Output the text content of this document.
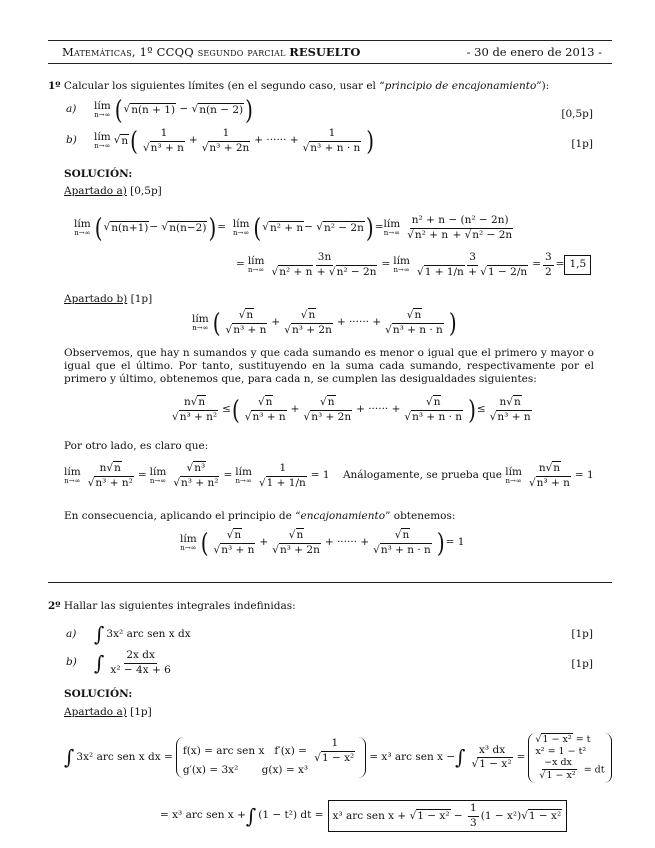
Matemáticas, 1º CCQQ segundo parcial RESUELTO	- 30 de enero de 2013 -
1º
Calcular los siguientes límites (en el segundo caso, usar el “ principio de encajonamiento ”):
a)	lím
n→∞ ( √ n(n + 1) − √ n(n − 2) )	[0,5p]
b)	lím
n→∞ √ n ( $\frac{1}{\text{√n³ + n}} + \frac{1}{\text{√n³ + 2n}}$ + ······ + $\frac{1}{\text{√n³ + n · n}}$ )	[1p]
SOLUCIÓN:
Apartado a) [0,5p]
lím
n→∞ ( √ n(n+1) − √ n(n−2) ) = lím
n→∞ ( √ n² + n − √ n² − 2n ) = lím
$n\to\infty \frac{\text{n² + n − (n² − 2n)}}{\text{√n² + n + √n² − 2n}}$
= lím
$n\to\infty \frac{3n}{\text{√n² + n + √n² − 2n}}$ = lím
$n\to\infty \frac{3}{√1 + 1/n + √1 - 2/n} = \frac{3}{2} = 1,5$
Apartado b) [1p]
lím
n→∞ ( $\frac{√n}{\text{√n³ + n}} + \frac{√n}{\text{√n³ + 2n}}$ + ······ + $\frac{√n}{\text{√n³ + n · n}}$ )
Observemos, que hay n sumandos y que cada sumando es menor o igual que el primero y mayor o igual que el último. Por tanto, sustituyendo en la suma cada sumando, respectivamente por el primero y último, obtenemos que, para cada n, se cumplen las desigualdades siguientes:
$\frac{n√n}{\text{√n³ + n²}}$ ≤ ( $\frac{√n}{\text{√n³ + n}} + \frac{√n}{\text{√n³ + 2n}}$ + ······ + $\frac{√n}{\text{√n³ + n · n}}$ ) ≤ $\frac{n√n}{\text{√n³ + n}}$
Por otro lado, es claro que:
lím
$n\to\infty \frac{n√n}{\text{√n³ + n²}}$ = lím
$n\to\infty \frac{\text{√n³}}{\text{√n³ + n²}}$ = lím
$n\to\infty \frac{1}{√1 + 1/n} = 1$ Análogamente, se prueba que
lím
$n\to\infty \frac{n√n}{\text{√n³ + n}} = 1$
En consecuencia, aplicando el principio de “encajonamiento” obtenemos:
lím
n→∞ ( $\frac{√n}{\text{√n³ + n}} + \frac{√n}{\text{√n³ + 2n}}$ + ······ + $\frac{√n}{\text{√n³ + n · n}}$ ) = 1
2º
Hallar las siguientes integrales indefinidas:
a) ∫ 3x² arc sen x dx	[1p]
b) ∫ $\frac{\text{2x dx}}{\text{x² − 4x + 6}}$	[1p]
SOLUCIÓN:
Apartado a) [1p]
∫ 3x² arc sen x dx = f(x) = arc sen x   $f'(x) = \frac{1}{\text{√1 − x²}}$
g′(x) = 3x²       g(x) = x³
= x³ arc sen x − ∫ $\frac{\text{x³ dx}}{\text{√1 − x²}}$ =
√1 − x² = t
x² = 1 − t²
$\frac{\text{−x dx}}{\text{√1 − x²}}$ = dt
= x³ arc sen x + ∫ (1 − t²) dt = x³ arc sen $x + √1 - x^2 - \frac{1}{3} (1 - x^2)√1 - x^2$
